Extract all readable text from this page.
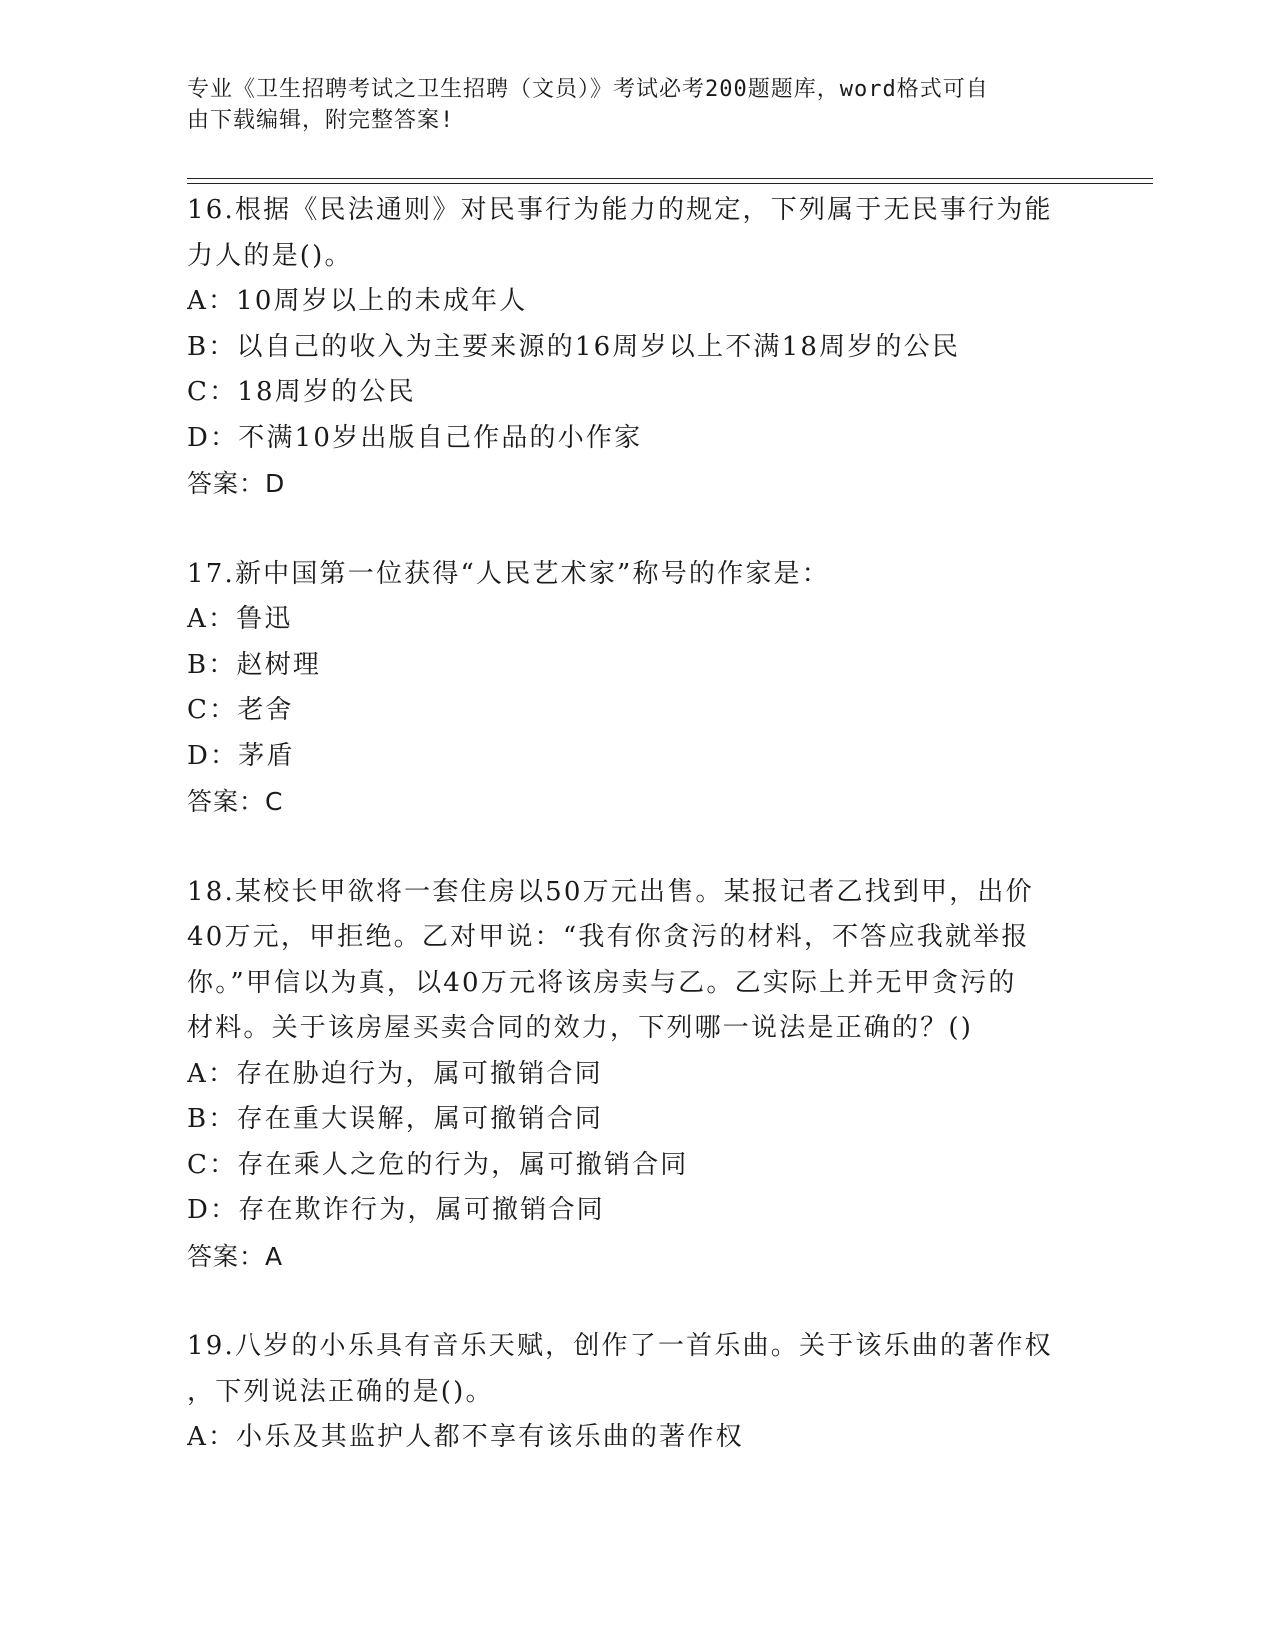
专业《卫生招聘考试之卫生招聘（文员）》考试必考200题题库，word格式可自
由下载编辑，附完整答案!
16.根据《民法通则》对民事行为能力的规定，下列属于无民事行为能
力人的是()。
A：10周岁以上的未成年人
B：以自己的收入为主要来源的16周岁以上不满18周岁的公民
C：18周岁的公民
D：不满10岁出版自己作品的小作家
答案：D
17.新中国第一位获得“人民艺术家”称号的作家是：
A：鲁迅
B：赵树理
C：老舍
D：茅盾
答案：C
18.某校长甲欲将一套住房以50万元出售。某报记者乙找到甲，出价
40万元，甲拒绝。乙对甲说：“我有你贪污的材料，不答应我就举报
你。”甲信以为真，以40万元将该房卖与乙。乙实际上并无甲贪污的
材料。关于该房屋买卖合同的效力，下列哪一说法是正确的？()
A：存在胁迫行为，属可撤销合同
B：存在重大误解，属可撤销合同
C：存在乘人之危的行为，属可撤销合同
D：存在欺诈行为，属可撤销合同
答案：A
19.八岁的小乐具有音乐天赋，创作了一首乐曲。关于该乐曲的著作权
，下列说法正确的是()。
A：小乐及其监护人都不享有该乐曲的著作权
